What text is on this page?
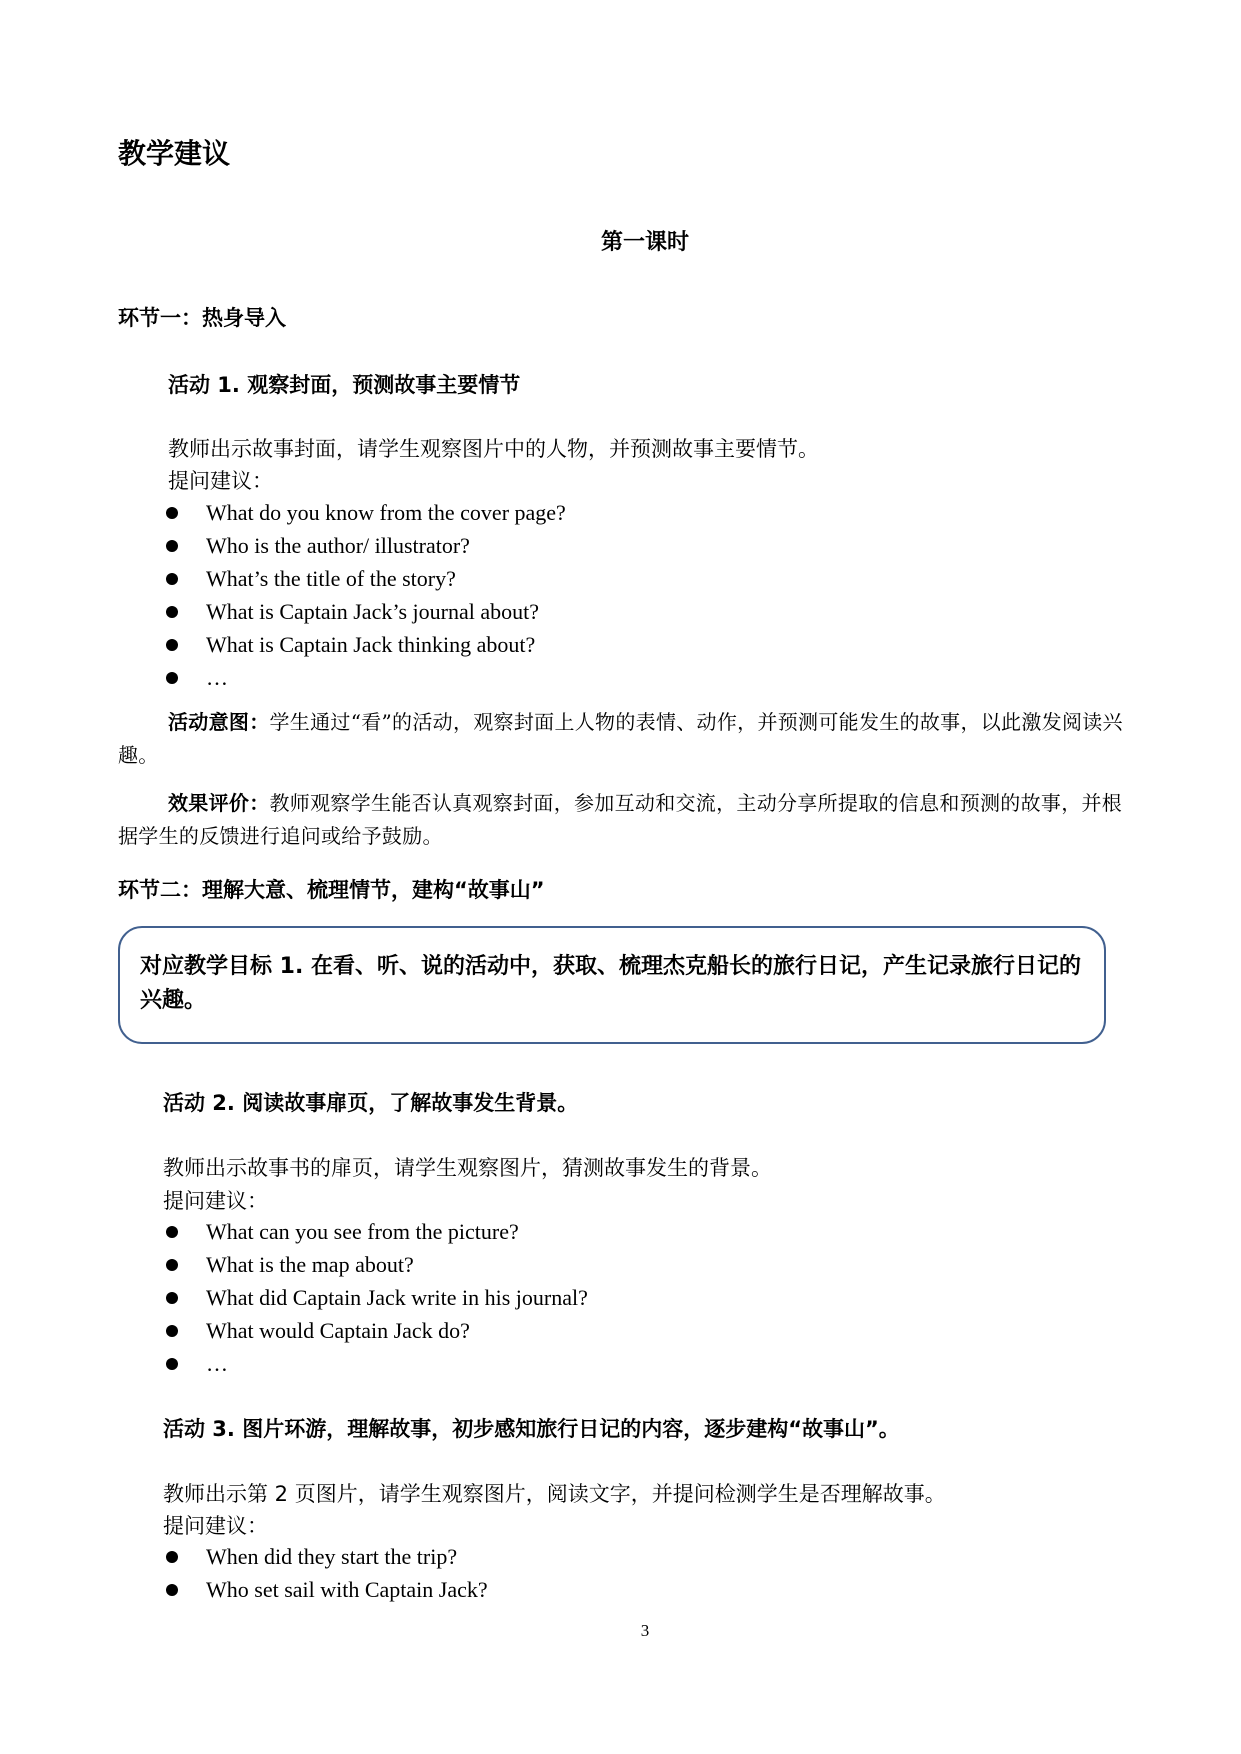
教学建议
第一课时
环节一：热身导入
活动 1. 观察封面，预测故事主要情节
教师出示故事封面，请学生观察图片中的人物，并预测故事主要情节。
提问建议：
What do you know from the cover page?
Who is the author/ illustrator?
What’s the title of the story?
What is Captain Jack’s journal about?
What is Captain Jack thinking about?
…
活动意图：学生通过“看”的活动，观察封面上人物的表情、动作，并预测可能发生的故事，以此激发阅读兴趣。
效果评价：教师观察学生能否认真观察封面，参加互动和交流，主动分享所提取的信息和预测的故事，并根据学生的反馈进行追问或给予鼓励。
环节二：理解大意、梳理情节，建构“故事山”
对应教学目标 1. 在看、听、说的活动中，获取、梳理杰克船长的旅行日记，产生记录旅行日记的兴趣。
活动 2. 阅读故事扉页，了解故事发生背景。
教师出示故事书的扉页，请学生观察图片，猜测故事发生的背景。
提问建议：
What can you see from the picture?
What is the map about?
What did Captain Jack write in his journal?
What would Captain Jack do?
…
活动 3. 图片环游，理解故事，初步感知旅行日记的内容，逐步建构“故事山”。
教师出示第 2 页图片，请学生观察图片，阅读文字，并提问检测学生是否理解故事。
提问建议：
When did they start the trip?
Who set sail with Captain Jack?
3
